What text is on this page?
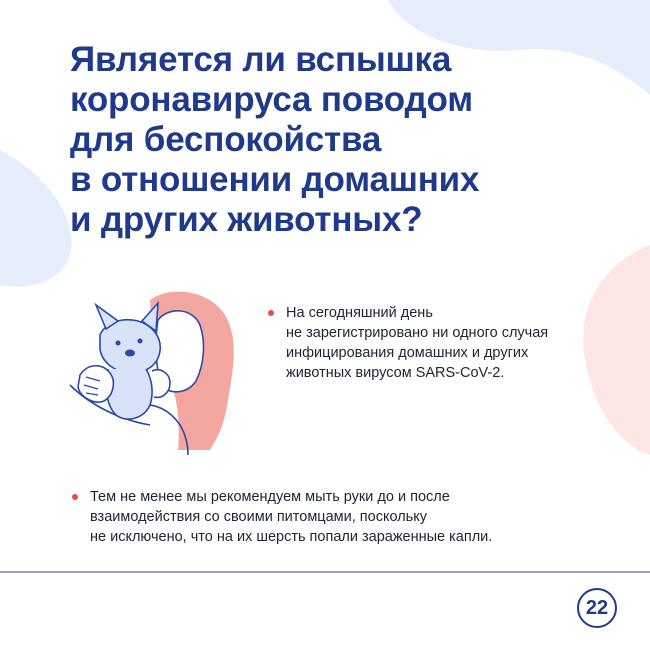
Является ли вспышка
коронавируса поводом
для беспокойства
в отношении домашних
и других животных?
На сегодняшний день
не зарегистрировано ни одного случая
инфицирования домашних и других
животных вирусом SARS-CoV-2.
Тем не менее мы рекомендуем мыть руки до и после
взаимодействия со своими питомцами, поскольку
не исключено, что на их шерсть попали зараженные капли.
22
